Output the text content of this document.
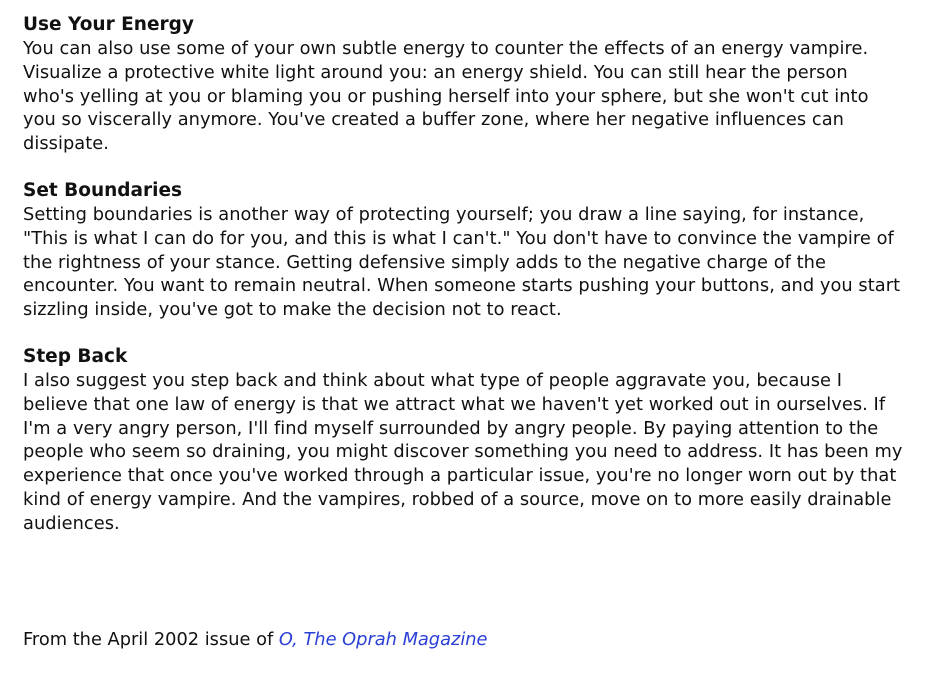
Use Your Energy

You can also use some of your own subtle energy to counter the effects of an energy vampire. Visualize a protective white light around you: an energy shield. You can still hear the person who's yelling at you or blaming you or pushing herself into your sphere, but she won't cut into you so viscerally anymore. You've created a buffer zone, where her negative influences can dissipate.

Set Boundaries

Setting boundaries is another way of protecting yourself; you draw a line saying, for instance, "This is what I can do for you, and this is what I can't." You don't have to convince the vampire of the rightness of your stance. Getting defensive simply adds to the negative charge of the encounter. You want to remain neutral. When someone starts pushing your buttons, and you start sizzling inside, you've got to make the decision not to react.

Step Back

I also suggest you step back and think about what type of people aggravate you, because I believe that one law of energy is that we attract what we haven't yet worked out in ourselves. If I'm a very angry person, I'll find myself surrounded by angry people. By paying attention to the people who seem so draining, you might discover something you need to address. It has been my experience that once you've worked through a particular issue, you're no longer worn out by that kind of energy vampire. And the vampires, robbed of a source, move on to more easily drainable audiences.

From the April 2002 issue of O, The Oprah Magazine
